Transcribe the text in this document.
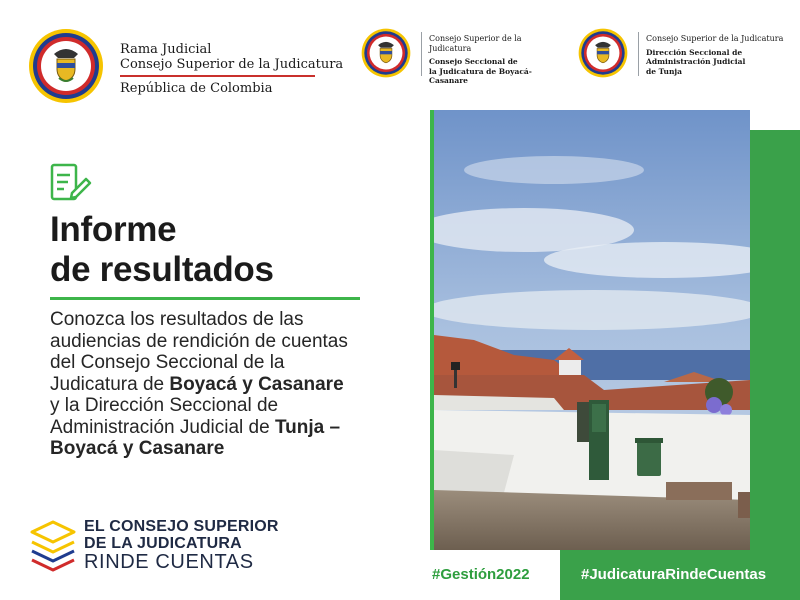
Rama Judicial
Consejo Superior de la Judicatura
República de Colombia
Consejo Superior de la Judicatura
Consejo Seccional de
la Judicatura de Boyacá-Casanare
Consejo Superior de la Judicatura
Dirección Seccional de
Administración Judicial
de Tunja
Informe
de resultados
Conozca los resultados de las audiencias de rendición de cuentas del Consejo Seccional de la Judicatura de Boyacá y Casanare y la Dirección Seccional de Administración Judicial de Tunja – Boyacá y Casanare
EL CONSEJO SUPERIOR
DE LA JUDICATURA
RINDE CUENTAS
#Gestión2022	#JudicaturaRindeCuentas
